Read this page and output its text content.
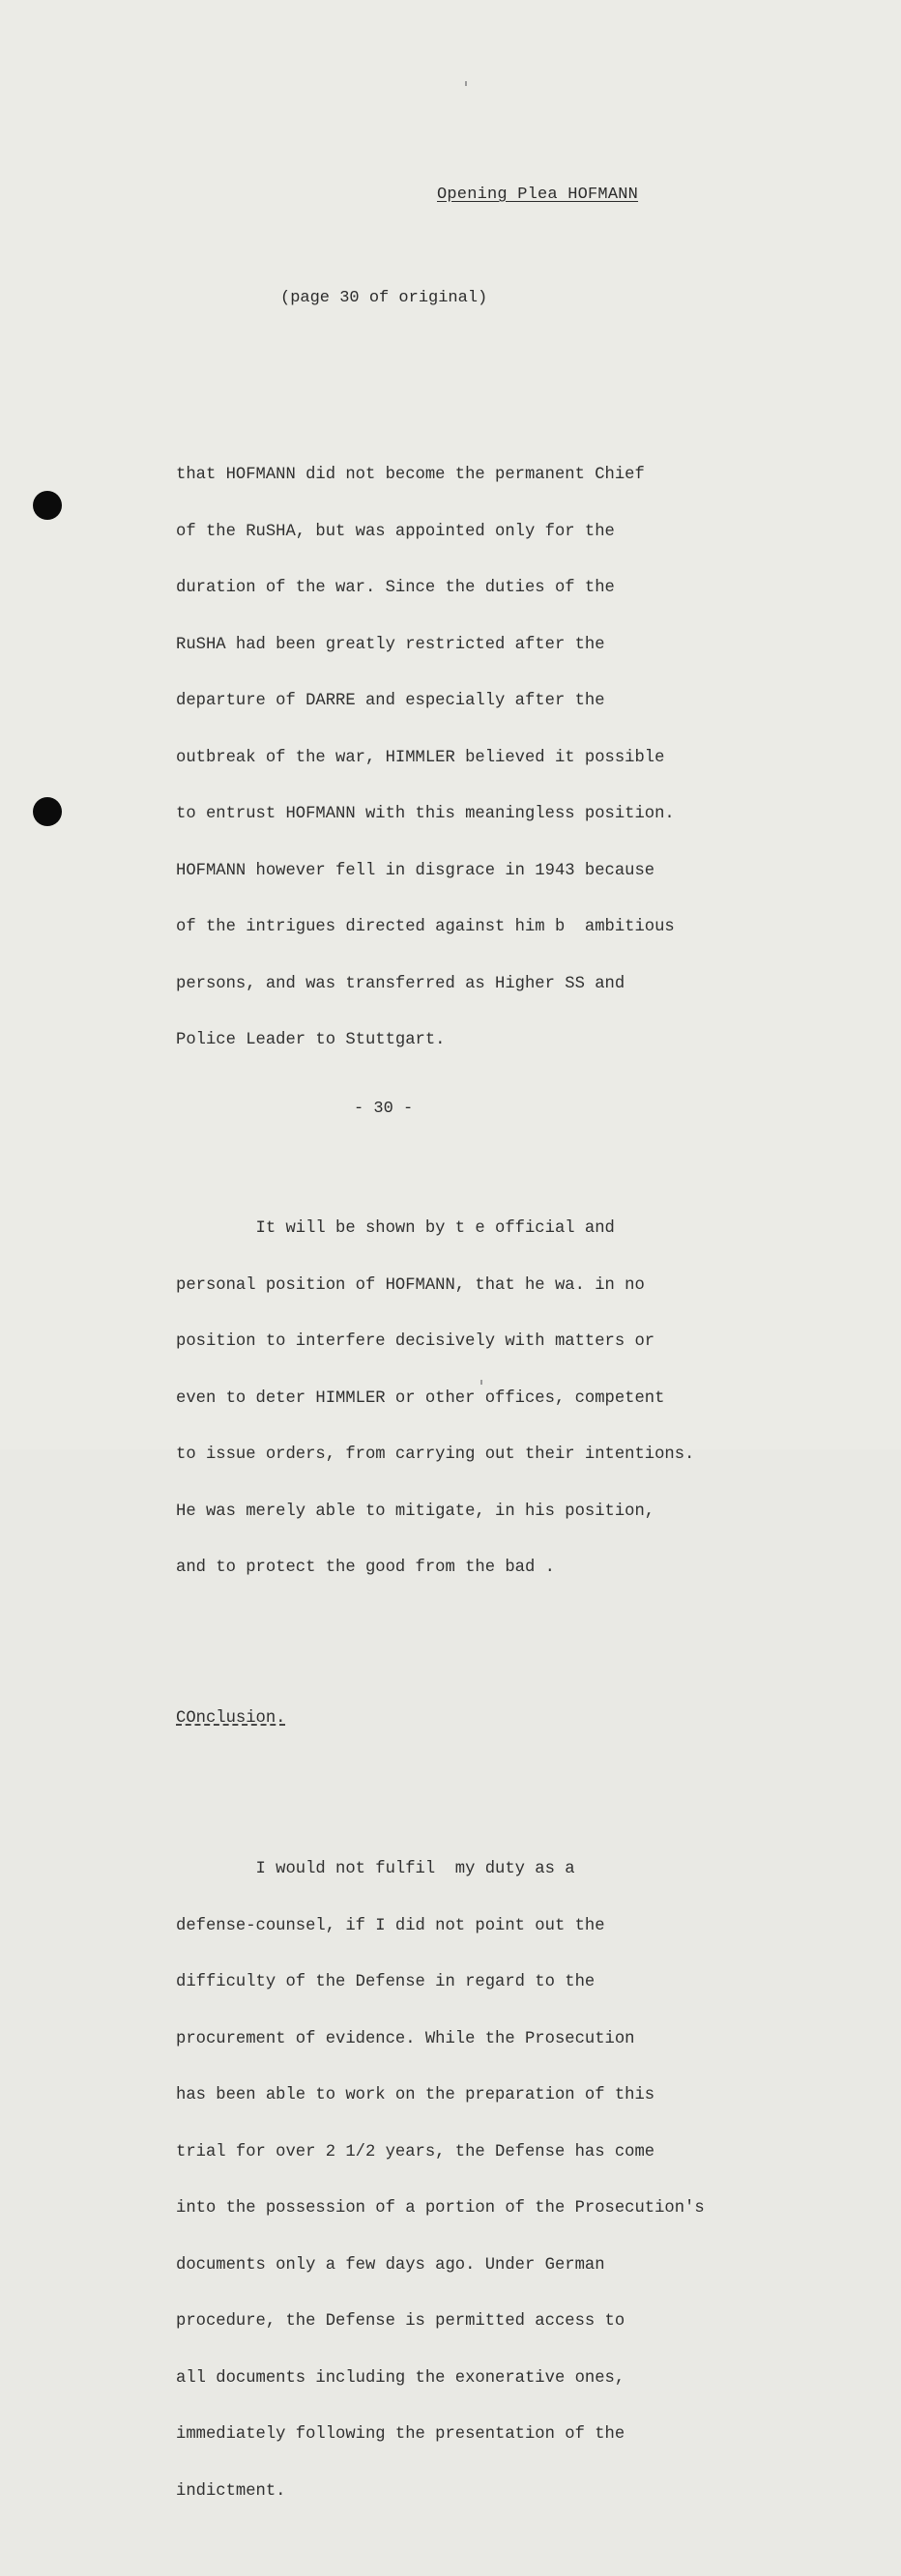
Opening Plea HOFMANN
(page 30 of original)

that HOFMANN did not become the permanent Chief

of the RuSHA, but was appointed only for the

duration of the war. Since the duties of the

RuSHA had been greatly restricted after the

departure of DARRE and especially after the

outbreak of the war, HIMMLER believed it possible

to entrust HOFMANN with this meaningless position.

HOFMANN however fell in disgrace in 1943 because

of the intrigues directed against him b  ambitious

persons, and was transferred as Higher SS and

Police Leader to Stuttgart.

It will be shown by t e official and

personal position of HOFMANN, that he wa. in no

position to interfere decisively with matters or

even to deter HIMMLER or other offices, competent

to issue orders, from carrying out their intentions.

He was merely able to mitigate, in his position,

and to protect the good from the bad .

COnclusion.

I would not fulfil  my duty as a

defense-counsel, if I did not point out the

difficulty of the Defense in regard to the

procurement of evidence. While the Prosecution

has been able to work on the preparation of this

trial for over 2 1/2 years, the Defense has come

into the possession of a portion of the Prosecution's

documents only a few days ago. Under German

procedure, the Defense is permitted access to

all documents including the exonerative ones,

immediately following the presentation of the

indictment.

- 30 -
